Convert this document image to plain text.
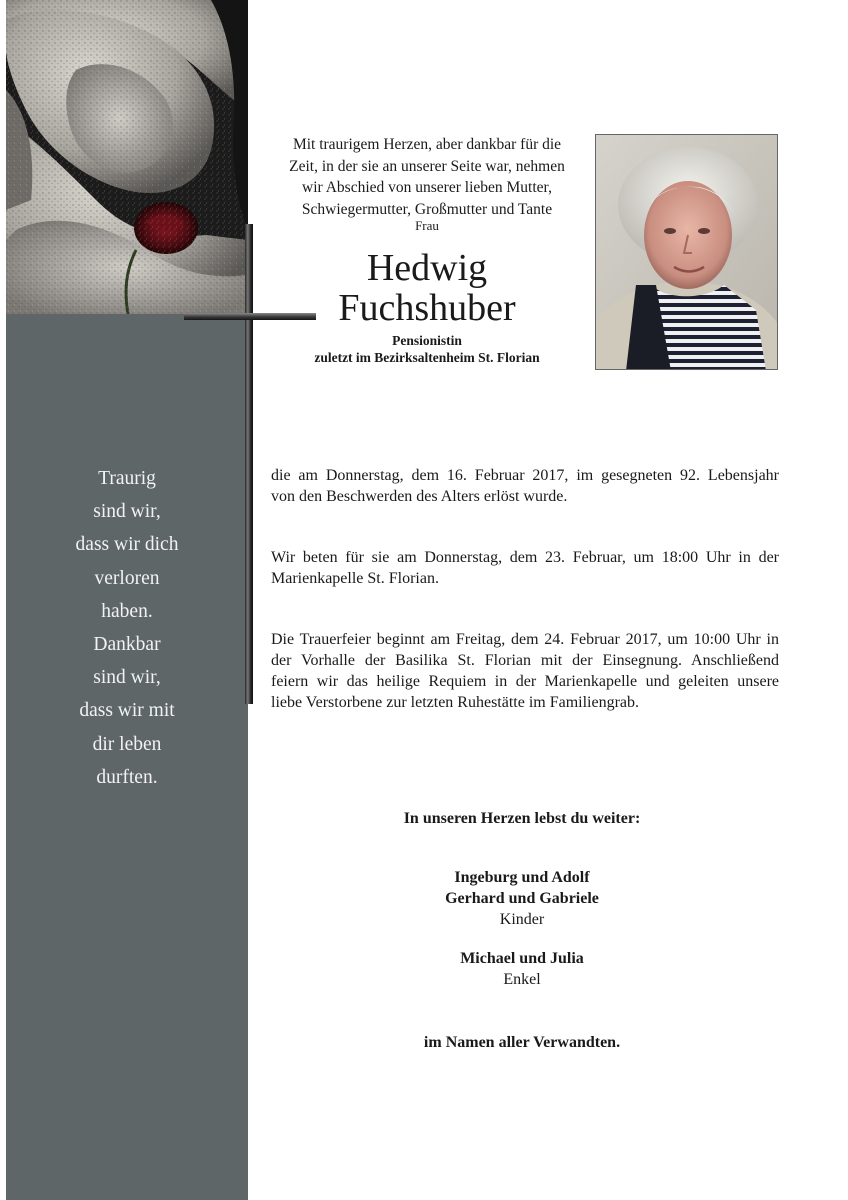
Traurig
sind wir,
dass wir dich
verloren
haben.
Dankbar
sind wir,
dass wir mit
dir leben
durften.
Mit traurigem Herzen, aber dankbar für die
Zeit, in der sie an unserer Seite war, nehmen
wir Abschied von unserer lieben Mutter,
Schwiegermutter, Großmutter und Tante
Frau
Hedwig
Fuchshuber
Pensionistin
zuletzt im Bezirksaltenheim St. Florian
die am Donnerstag, dem 16. Februar 2017, im gesegneten 92. Lebensjahr
von den Beschwerden des Alters erlöst wurde.
Wir beten für sie am Donnerstag, dem 23. Februar, um 18:00 Uhr in der
Marienkapelle St. Florian.
Die Trauerfeier beginnt am Freitag, dem 24. Februar 2017, um 10:00 Uhr in
der Vorhalle der Basilika St. Florian mit der Einsegnung. Anschließend
feiern wir das heilige Requiem in der Marienkapelle und geleiten unsere
liebe Verstorbene zur letzten Ruhestätte im Familiengrab.
In unseren Herzen lebst du weiter:
Ingeburg und Adolf
Gerhard und Gabriele
Kinder
Michael und Julia
Enkel
im Namen aller Verwandten.
